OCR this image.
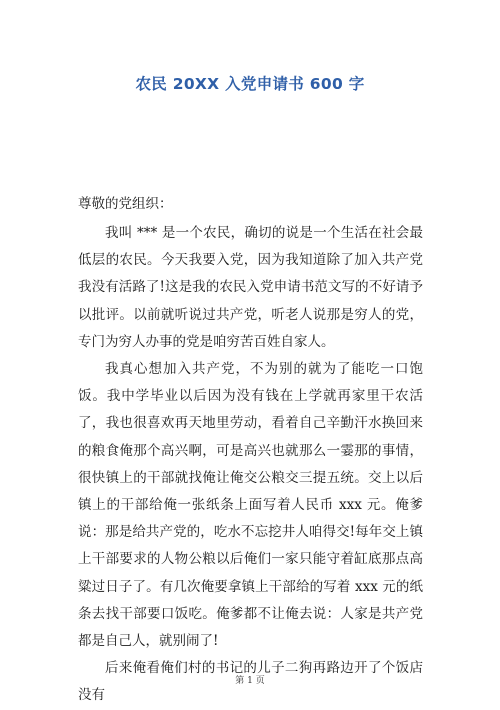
农民 20XX 入党申请书 600 字
尊敬的党组织：

我叫 *** 是一个农民，确切的说是一个生活在社会最低层的农民。今天我要入党，因为我知道除了加入共产党我没有活路了!这是我的农民入党申请书范文写的不好请予以批评。以前就听说过共产党，听老人说那是穷人的党，专门为穷人办事的党是咱穷苦百姓自家人。

我真心想加入共产党，不为别的就为了能吃一口饱饭。我中学毕业以后因为没有钱在上学就再家里干农活了，我也很喜欢再天地里劳动，看着自己辛勤汗水换回来的粮食俺那个高兴啊，可是高兴也就那么一霎那的事情，很快镇上的干部就找俺让俺交公粮交三提五统。交上以后镇上的干部给俺一张纸条上面写着人民币 xxx 元。俺爹说：那是给共产党的，吃水不忘挖井人咱得交!每年交上镇上干部要求的人物公粮以后俺们一家只能守着缸底那点高粱过日子了。有几次俺要拿镇上干部给的写着 xxx 元的纸条去找干部要口饭吃。俺爹都不让俺去说：人家是共产党都是自己人，就别闹了!

后来俺看俺们村的书记的儿子二狗再路边开了个饭店没有

第 1 页
